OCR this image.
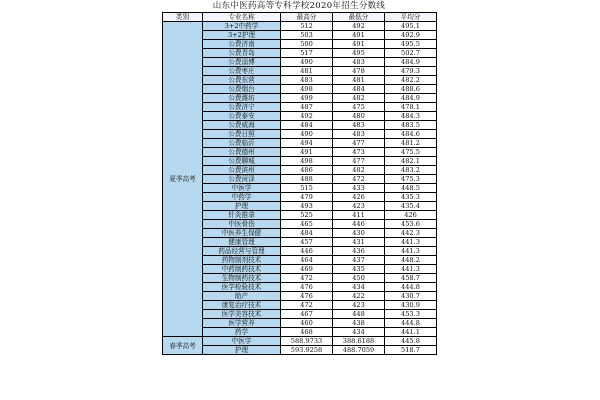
山东中医药高等专科学校2020年招生分数线
类别	专业名称	最高分	最低分	平均分
夏季高考	3+2中药学	512	492	495.1
	3+2护理	503	491	492.9
	公费济南	500	491	495.5
	公费青岛	517	495	502.7
	公费淄博	490	483	484.9
	公费枣庄	481	478	479.3
	公费东营	483	481	482.2
	公费烟台	498	484	488.6
	公费潍坊	499	482	484.9
	公费济宁	487	475	478.1
	公费泰安	492	480	484.3
	公费威海	484	483	483.5
	公费日照	490	483	484.6
	公费临沂	494	477	481.2
	公费德州	491	473	475.5
	公费聊城	498	477	482.1
	公费滨州	486	482	483.2
	公费菏泽	488	472	475.3
	中医学	515	433	448.5
	中药学	479	426	435.3
	护理	493	423	435.4
	针灸推拿	525	411	426
	中医骨伤	465	446	453.6
	中医养生保健	484	430	442.3
	健康管理	457	431	441.3
	药品经营与管理	446	436	441.3
	药物制剂技术	464	437	448.2
	中药制药技术	469	435	441.3
	生物制药技术	472	450	458.7
	医学检验技术	476	434	444.8
	助产	476	422	430.7
	康复治疗技术	472	423	430.9
	医学美容技术	467	448	453.3
	医学营养	460	438	444.8
	药学	468	434	441.1
春季高考	中医学	588.9733	388.6188	445.8
	护理	593.9258	488.7059	518.7
